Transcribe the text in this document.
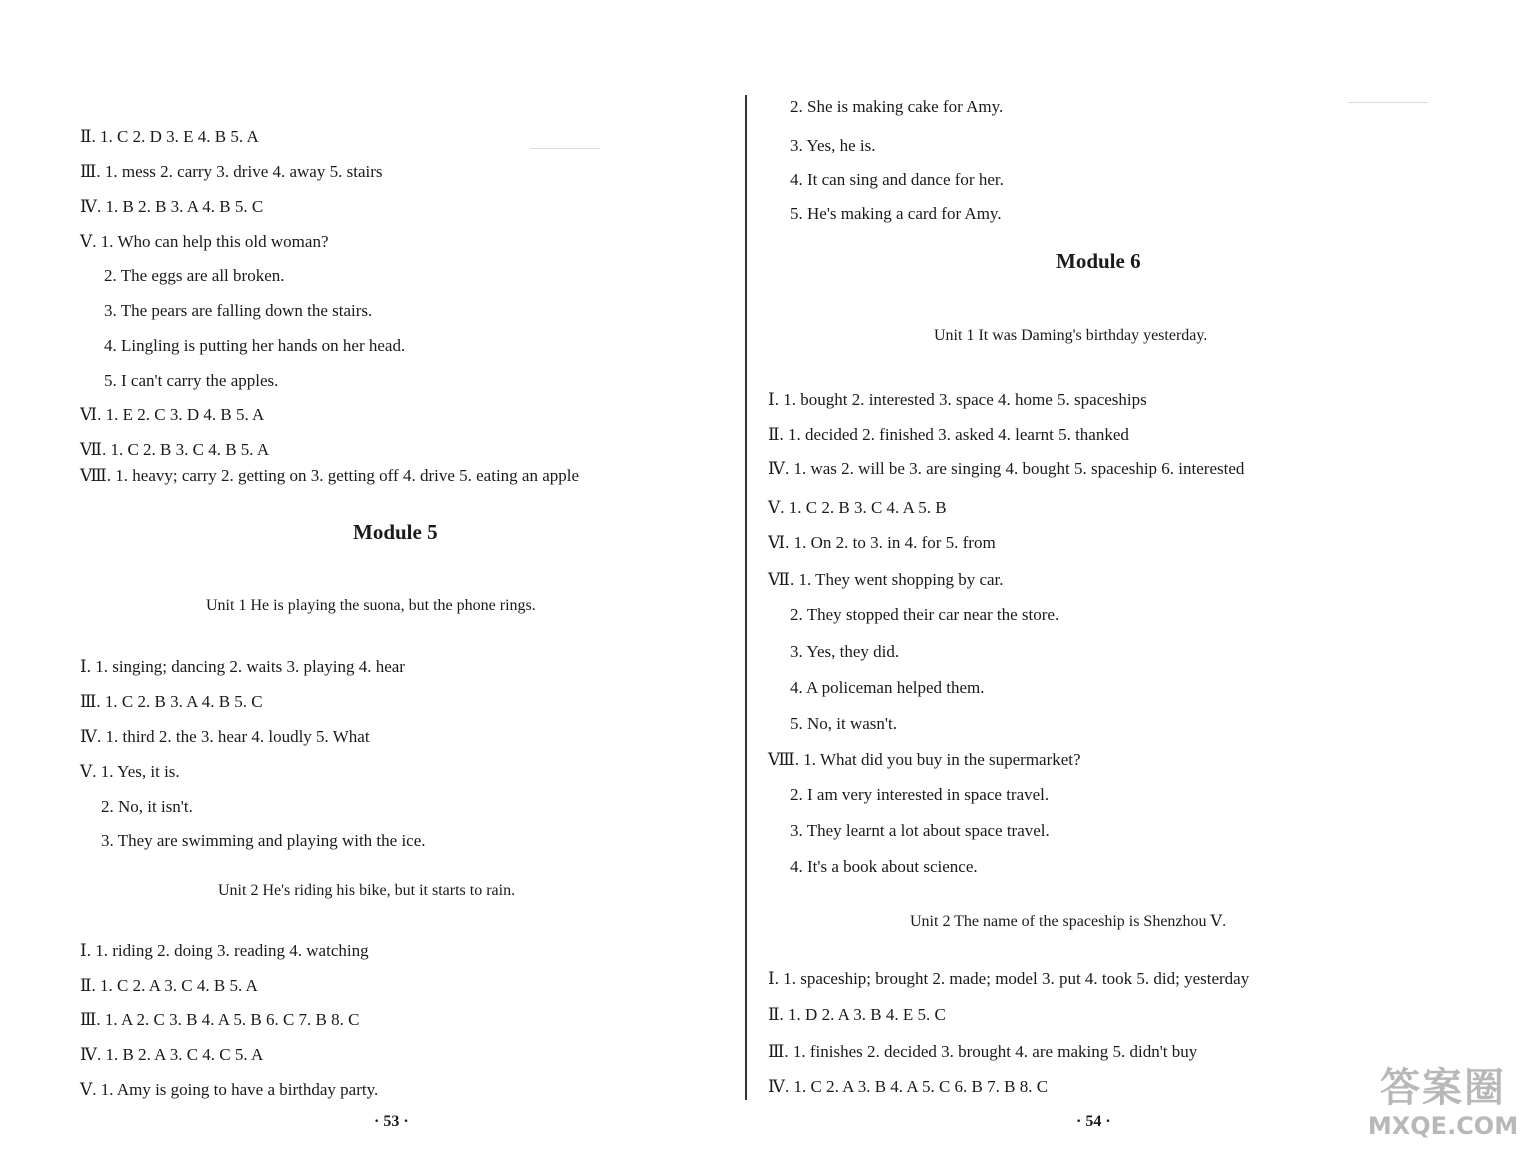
Ⅱ. 1. C 2. D 3. E 4. B 5. A
Ⅲ. 1. mess 2. carry 3. drive 4. away 5. stairs
Ⅳ. 1. B 2. B 3. A 4. B 5. C
Ⅴ. 1. Who can help this old woman?
2. The eggs are all broken.
3. The pears are falling down the stairs.
4. Lingling is putting her hands on her head.
5. I can't carry the apples.
Ⅵ. 1. E 2. C 3. D 4. B 5. A
Ⅶ. 1. C 2. B 3. C 4. B 5. A
Ⅷ. 1. heavy; carry 2. getting on 3. getting off 4. drive 5. eating an apple
Module 5
Unit 1 He is playing the suona, but the phone rings.
Ⅰ. 1. singing; dancing 2. waits 3. playing 4. hear
Ⅲ. 1. C 2. B 3. A 4. B 5. C
Ⅳ. 1. third 2. the 3. hear 4. loudly 5. What
Ⅴ. 1. Yes, it is.
2. No, it isn't.
3. They are swimming and playing with the ice.
Unit 2 He's riding his bike, but it starts to rain.
Ⅰ. 1. riding 2. doing 3. reading 4. watching
Ⅱ. 1. C 2. A 3. C 4. B 5. A
Ⅲ. 1. A 2. C 3. B 4. A 5. B 6. C 7. B 8. C
Ⅳ. 1. B 2. A 3. C 4. C 5. A
Ⅴ. 1. Amy is going to have a birthday party.
· 53 ·
2. She is making cake for Amy.
3. Yes, he is.
4. It can sing and dance for her.
5. He's making a card for Amy.
Module 6
Unit 1 It was Daming's birthday yesterday.
Ⅰ. 1. bought 2. interested 3. space 4. home 5. spaceships
Ⅱ. 1. decided 2. finished 3. asked 4. learnt 5. thanked
Ⅳ. 1. was 2. will be 3. are singing 4. bought 5. spaceship 6. interested
Ⅴ. 1. C 2. B 3. C 4. A 5. B
Ⅵ. 1. On 2. to 3. in 4. for 5. from
Ⅶ. 1. They went shopping by car.
2. They stopped their car near the store.
3. Yes, they did.
4. A policeman helped them.
5. No, it wasn't.
Ⅷ. 1. What did you buy in the supermarket?
2. I am very interested in space travel.
3. They learnt a lot about space travel.
4. It's a book about science.
Unit 2 The name of the spaceship is Shenzhou Ⅴ.
Ⅰ. 1. spaceship; brought 2. made; model 3. put 4. took 5. did; yesterday
Ⅱ. 1. D 2. A 3. B 4. E 5. C
Ⅲ. 1. finishes 2. decided 3. brought 4. are making 5. didn't buy
Ⅳ. 1. C 2. A 3. B 4. A 5. C 6. B 7. B 8. C
· 54 ·
答案圈
MXQE.COM
